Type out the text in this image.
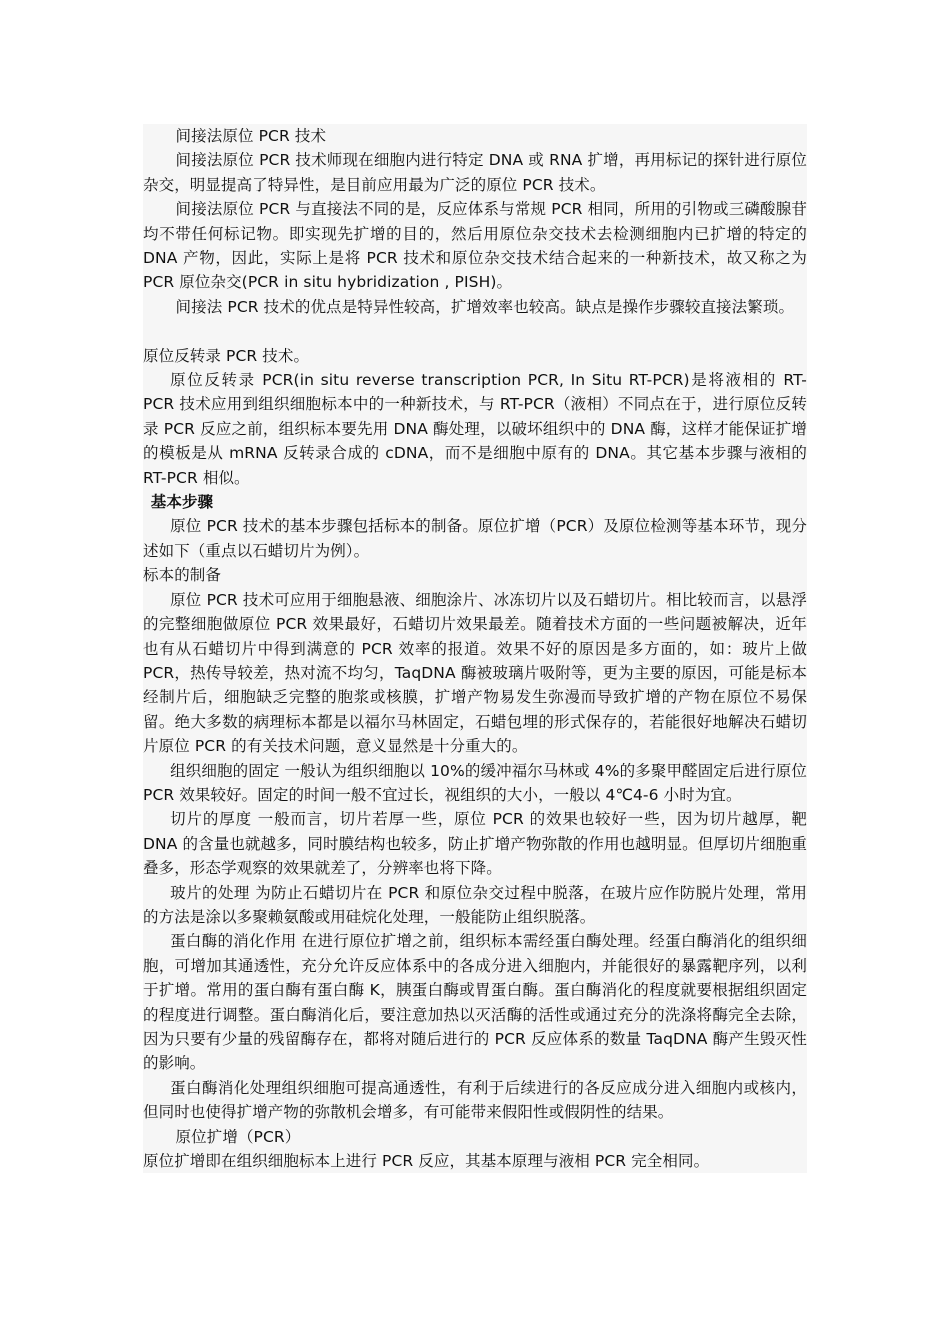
间接法原位 PCR 技术

间接法原位 PCR 技术师现在细胞内进行特定 DNA 或 RNA 扩增，再用标记的探针进行原位杂交，明显提高了特异性，是目前应用最为广泛的原位 PCR 技术。

间接法原位 PCR 与直接法不同的是，反应体系与常规 PCR 相同，所用的引物或三磷酸腺苷均不带任何标记物。即实现先扩增的目的，然后用原位杂交技术去检测细胞内已扩增的特定的 DNA 产物，因此，实际上是将 PCR 技术和原位杂交技术结合起来的一种新技术，故又称之为 PCR 原位杂交(PCR in situ hybridization , PISH)。

间接法 PCR 技术的优点是特异性较高，扩增效率也较高。缺点是操作步骤较直接法繁琐。

原位反转录 PCR 技术。

原位反转录 PCR(in situ reverse transcription PCR, In Situ RT-PCR)是将液相的 RT-PCR 技术应用到组织细胞标本中的一种新技术，与 RT-PCR（液相）不同点在于，进行原位反转录 PCR 反应之前，组织标本要先用 DNA 酶处理，以破坏组织中的 DNA 酶，这样才能保证扩增的模板是从 mRNA 反转录合成的 cDNA，而不是细胞中原有的 DNA。其它基本步骤与液相的 RT-PCR 相似。

基本步骤

原位 PCR 技术的基本步骤包括标本的制备。原位扩增（PCR）及原位检测等基本环节，现分述如下（重点以石蜡切片为例）。

标本的制备

原位 PCR 技术可应用于细胞悬液、细胞涂片、冰冻切片以及石蜡切片。相比较而言，以悬浮的完整细胞做原位 PCR 效果最好，石蜡切片效果最差。随着技术方面的一些问题被解决，近年也有从石蜡切片中得到满意的 PCR 效率的报道。效果不好的原因是多方面的，如：玻片上做 PCR，热传导较差，热对流不均匀，TaqDNA 酶被玻璃片吸附等，更为主要的原因，可能是标本经制片后，细胞缺乏完整的胞浆或核膜，扩增产物易发生弥漫而导致扩增的产物在原位不易保留。绝大多数的病理标本都是以福尔马林固定，石蜡包埋的形式保存的，若能很好地解决石蜡切片原位 PCR 的有关技术问题，意义显然是十分重大的。

组织细胞的固定 一般认为组织细胞以 10%的缓冲福尔马林或 4%的多聚甲醛固定后进行原位 PCR 效果较好。固定的时间一般不宜过长，视组织的大小，一般以 4℃4-6 小时为宜。

切片的厚度 一般而言，切片若厚一些，原位 PCR 的效果也较好一些，因为切片越厚，靶 DNA 的含量也就越多，同时膜结构也较多，防止扩增产物弥散的作用也越明显。但厚切片细胞重叠多，形态学观察的效果就差了，分辨率也将下降。

玻片的处理 为防止石蜡切片在 PCR 和原位杂交过程中脱落，在玻片应作防脱片处理，常用的方法是涂以多聚赖氨酸或用硅烷化处理，一般能防止组织脱落。

蛋白酶的消化作用 在进行原位扩增之前，组织标本需经蛋白酶处理。经蛋白酶消化的组织细胞，可增加其通透性，充分允许反应体系中的各成分进入细胞内，并能很好的暴露靶序列，以利于扩增。常用的蛋白酶有蛋白酶 K，胰蛋白酶或胃蛋白酶。蛋白酶消化的程度就要根据组织固定的程度进行调整。蛋白酶消化后，要注意加热以灭活酶的活性或通过充分的洗涤将酶完全去除，因为只要有少量的残留酶存在，都将对随后进行的 PCR 反应体系的数量 TaqDNA 酶产生毁灭性的影响。

蛋白酶消化处理组织细胞可提高通透性，有利于后续进行的各反应成分进入细胞内或核内，但同时也使得扩增产物的弥散机会增多，有可能带来假阳性或假阴性的结果。

原位扩增（PCR）

原位扩增即在组织细胞标本上进行 PCR 反应，其基本原理与液相 PCR 完全相同。
